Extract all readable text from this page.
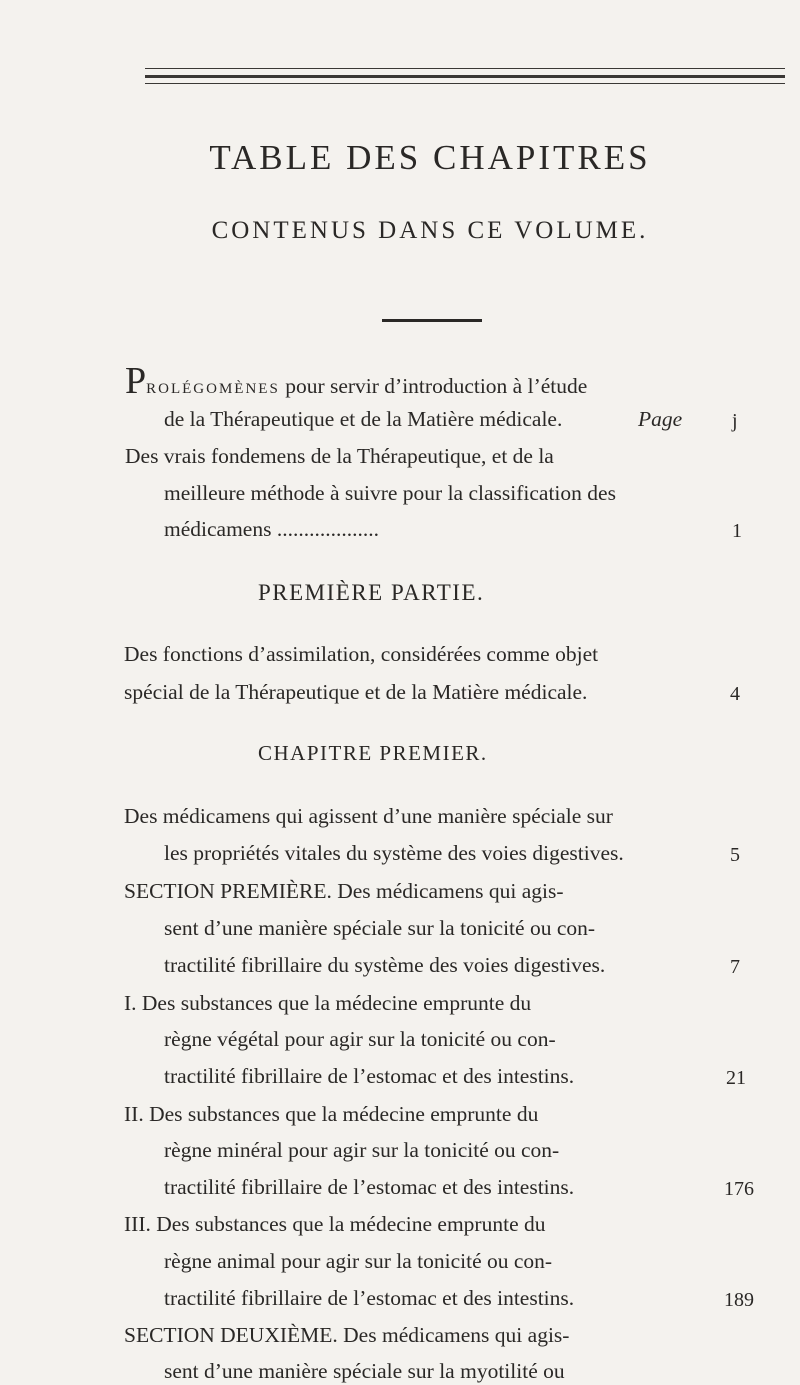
TABLE DES CHAPITRES
CONTENUS DANS CE VOLUME.
PROLÉGOMÈNES pour servir d’introduction à l’étude
de la Thérapeutique et de la Matière médicale.	Page j
Des vrais fondemens de la Thérapeutique, et de la
meilleure méthode à suivre pour la classification des
médicamens ...................	1
PREMIÈRE PARTIE.
Des fonctions d’assimilation, considérées comme objet
spécial de la Thérapeutique et de la Matière médicale.	4
CHAPITRE PREMIER.
Des médicamens qui agissent d’une manière spéciale sur
les propriétés vitales du système des voies digestives.	5
SECTION PREMIÈRE. Des médicamens qui agis-
sent d’une manière spéciale sur la tonicité ou con-
tractilité fibrillaire du système des voies digestives.	7
I. Des substances que la médecine emprunte du
règne végétal pour agir sur la tonicité ou con-
tractilité fibrillaire de l’estomac et des intestins.	21
II. Des substances que la médecine emprunte du
règne minéral pour agir sur la tonicité ou con-
tractilité fibrillaire de l’estomac et des intestins.	176
III. Des substances que la médecine emprunte du
règne animal pour agir sur la tonicité ou con-
tractilité fibrillaire de l’estomac et des intestins.	189
SECTION DEUXIÈME. Des médicamens qui agis-
sent d’une manière spéciale sur la myotilité ou
